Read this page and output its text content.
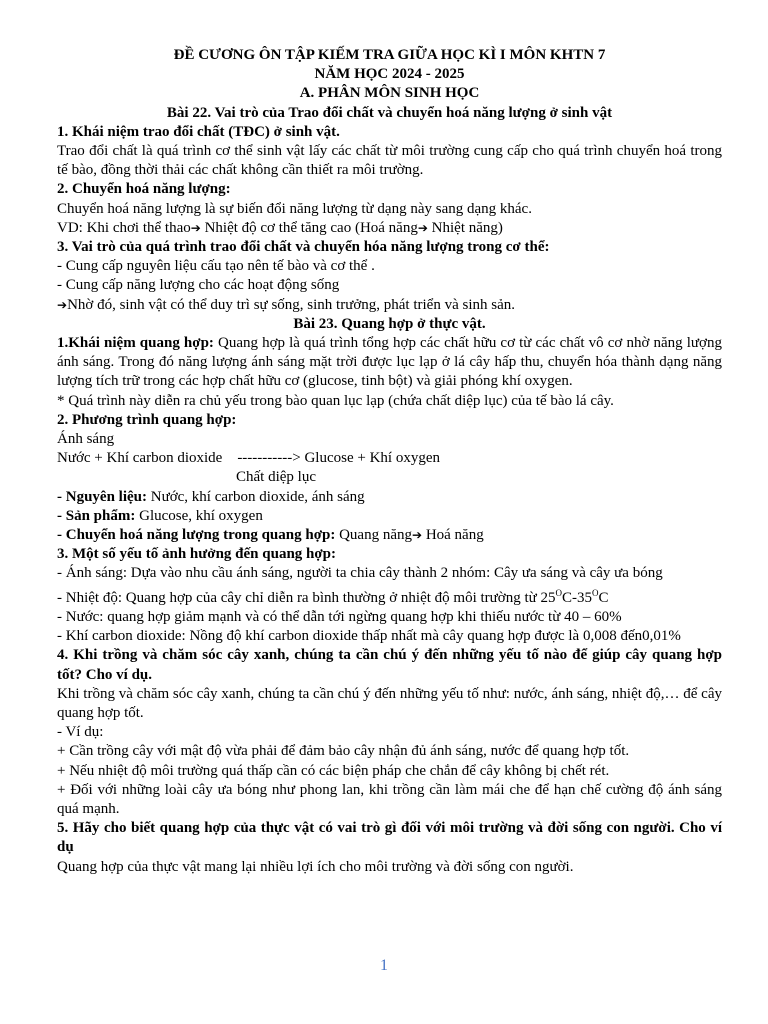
ĐỀ CƯƠNG ÔN TẬP KIẾM TRA GIỮA HỌC KÌ I MÔN KHTN 7

NĂM HỌC 2024 - 2025

A. PHÂN MÔN SINH HỌC

Bài 22. Vai trò của Trao đổi chất và chuyển hoá năng lượng ở sinh vật

1. Khái niệm trao đổi chất (TĐC) ở sinh vật.

Trao đổi chất là quá trình cơ thể sinh vật lấy các chất từ môi trường cung cấp cho quá trình chuyển hoá trong tế bào, đồng thời thải các chất không cần thiết ra môi trường.

2. Chuyển hoá năng lượng:

Chuyển hoá năng lượng là sự biến đổi năng lượng từ dạng này sang dạng khác.

VD: Khi chơi thể thao➔ Nhiệt độ cơ thể tăng cao (Hoá năng➔ Nhiệt năng)

3. Vai trò của quá trình trao đổi chất và chuyển hóa năng lượng trong cơ thể:

- Cung cấp nguyên liệu cấu tạo nên tế bào và cơ thể .

- Cung cấp năng lượng cho các hoạt động sống

➔Nhờ đó, sinh vật có thể duy trì sự sống, sinh trưởng, phát triển và sinh sản.

Bài 23. Quang hợp ở thực vật.

1.Khái niệm quang hợp: Quang hợp là quá trình tổng hợp các chất hữu cơ từ các chất vô cơ nhờ năng lượng ánh sáng. Trong đó năng lượng ánh sáng mặt trời được lục lạp ở lá cây hấp thu, chuyển hóa thành dạng năng lượng tích trữ trong các hợp chất hữu cơ (glucose, tinh bột) và giải phóng khí oxygen.

* Quá trình này diễn ra chủ yếu trong bào quan lục lạp (chứa chất diệp lục) của tế bào lá cây.

2. Phương trình quang hợp:

Ánh sáng

Nước + Khí carbon dioxide    -----------> Glucose + Khí oxygen

Chất diệp lục

- Nguyên liệu: Nước, khí carbon dioxide, ánh sáng

- Sản phẩm: Glucose, khí oxygen

- Chuyển hoá năng lượng trong quang hợp: Quang năng➔ Hoá năng

3. Một số yếu tố ảnh hưởng đến quang hợp:

- Ánh sáng: Dựa vào nhu cầu ánh sáng, người ta chia cây thành 2 nhóm: Cây ưa sáng và cây ưa bóng

- Nhiệt độ: Quang hợp của cây chỉ diễn ra bình thường ở nhiệt độ môi trường từ $25^OC-35^OC$

- Nước: quang hợp giảm mạnh và có thể dẫn tới ngừng quang hợp khi thiếu nước từ 40 – 60%

- Khí carbon dioxide: Nồng độ khí carbon dioxide thấp nhất mà cây quang hợp được là 0,008 đến0,01%

4. Khi trồng và chăm sóc cây xanh, chúng ta cần chú ý đến những yếu tố nào để giúp cây quang hợp tốt? Cho ví dụ.

Khi trồng và chăm sóc cây xanh, chúng ta cần chú ý đến những yếu tố như: nước, ánh sáng, nhiệt độ,… để cây quang hợp tốt.

- Ví dụ:

+ Cần trồng cây với mật độ vừa phải để đảm bảo cây nhận đủ ánh sáng, nước để quang hợp tốt.

+ Nếu nhiệt độ môi trường quá thấp cần có các biện pháp che chắn để cây không bị chết rét.

+ Đối với những loài cây ưa bóng như phong lan, khi trồng cần làm mái che để hạn chế cường độ ánh sáng quá mạnh.

5. Hãy cho biết quang hợp của thực vật có vai trò gì đối với môi trường và đời sống con người. Cho ví dụ

Quang hợp của thực vật mang lại nhiều lợi ích cho môi trường và đời sống con người.

1
